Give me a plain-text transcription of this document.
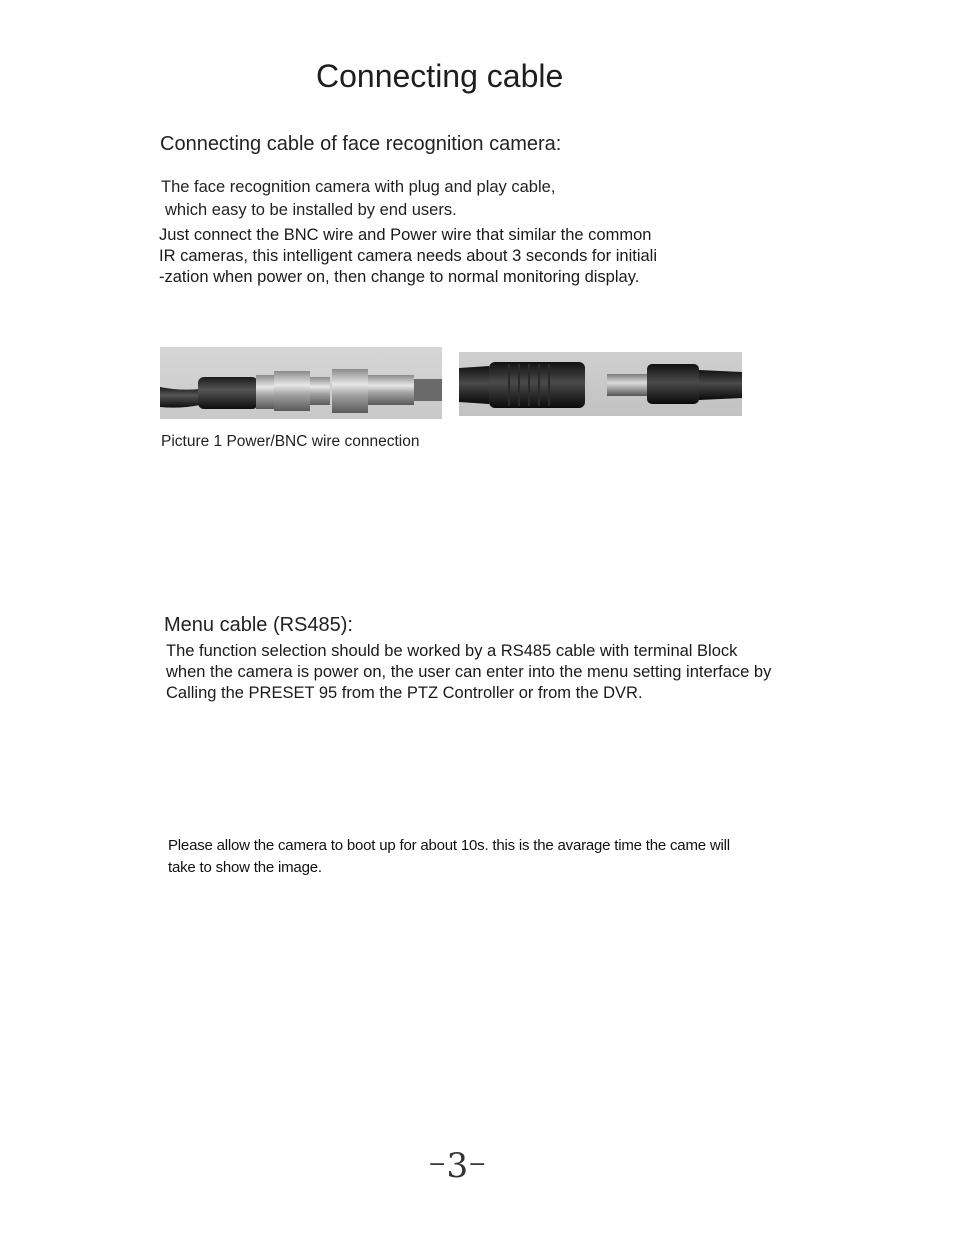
Connecting cable
Connecting cable of face recognition camera:
The face recognition camera with plug and play cable,
which easy to be installed by end users.
Just connect the BNC wire and Power wire that similar the common
IR cameras, this intelligent camera needs about 3 seconds for initiali
-zation when power on, then change to normal monitoring display.
Picture 1 Power/BNC wire connection
Menu cable (RS485):
The function selection should be worked by a RS485 cable with terminal Block
when the camera is power on, the user can enter into the menu setting interface by
Calling the PRESET 95 from the PTZ Controller or from the DVR.
Please allow the camera to boot up for about 10s. this is the avarage time the came will
take to show the image.
−3−
